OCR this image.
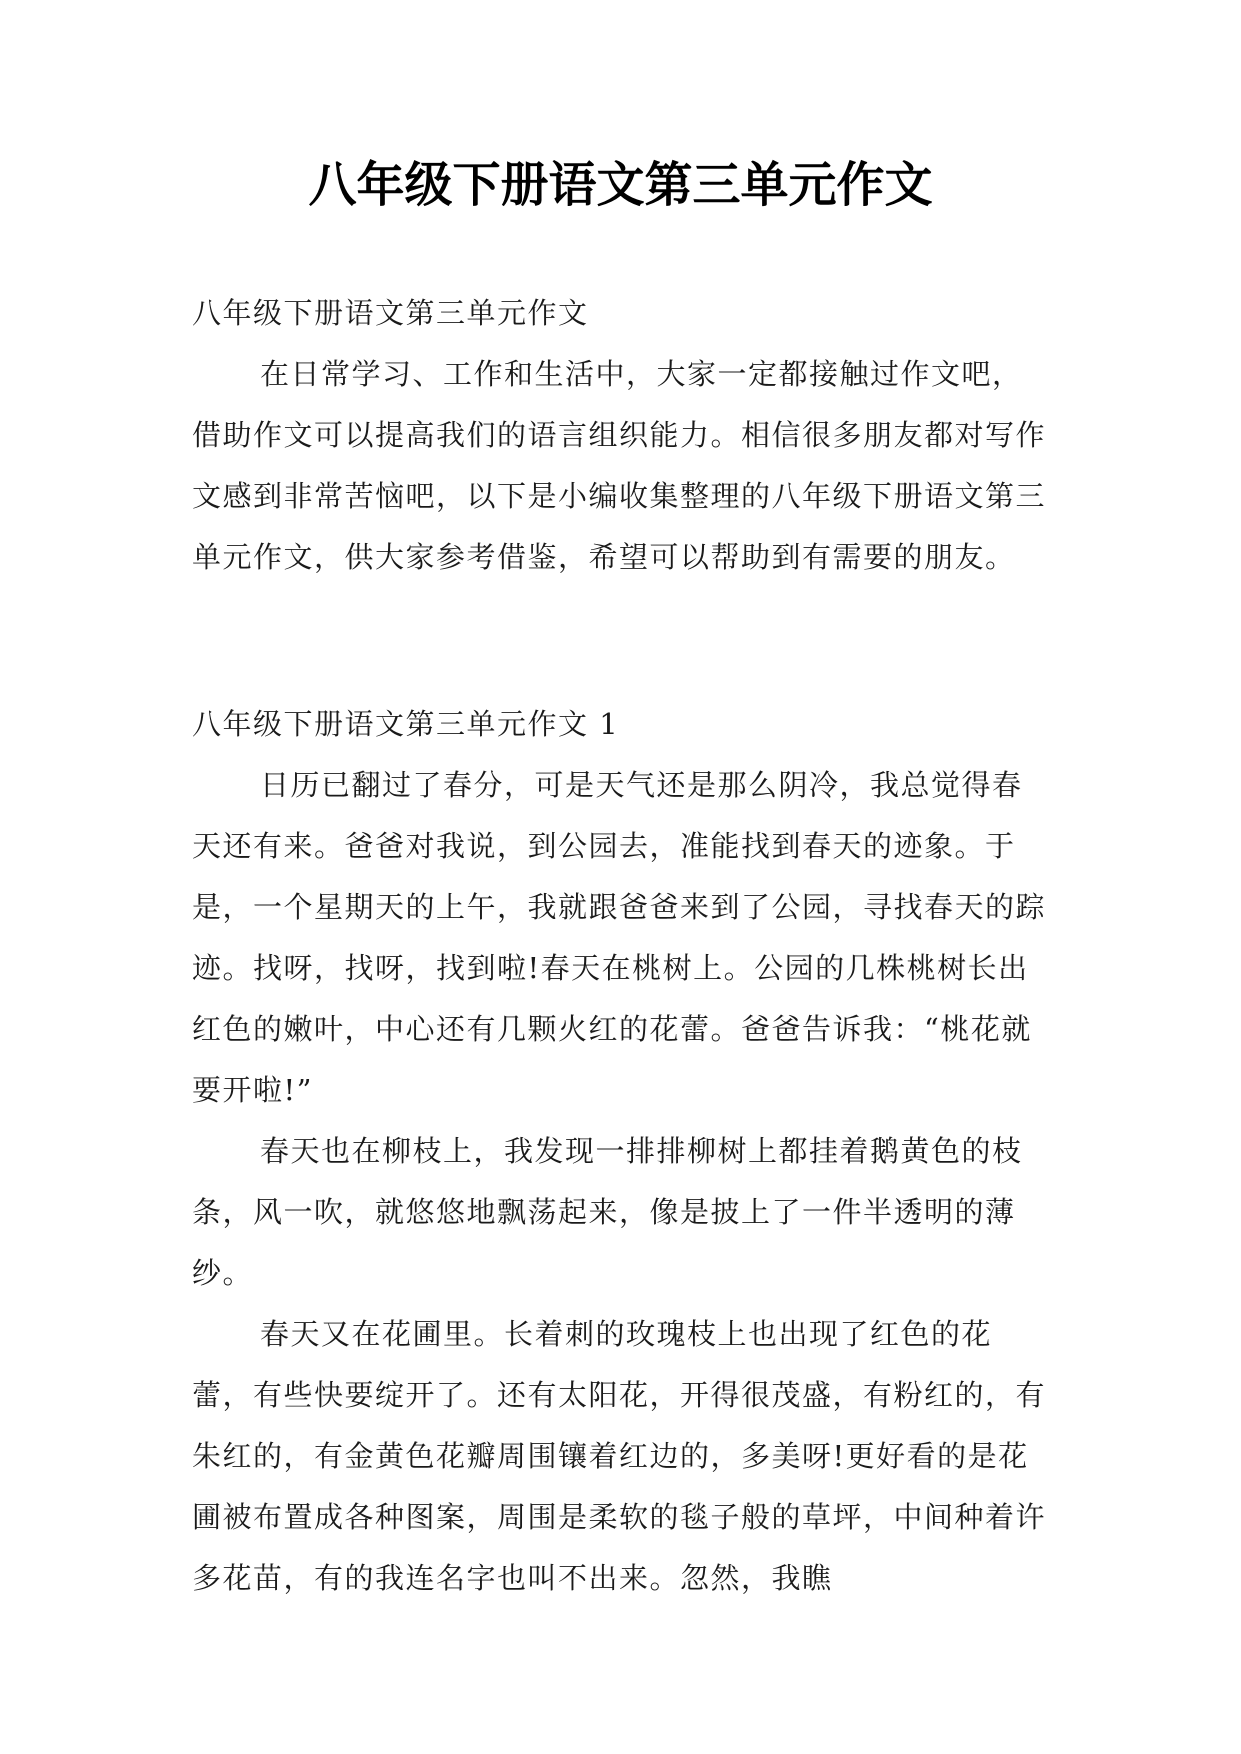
八年级下册语文第三单元作文

八年级下册语文第三单元作文

在日常学习、工作和生活中，大家一定都接触过作文吧，借助作文可以提高我们的语言组织能力。相信很多朋友都对写作文感到非常苦恼吧，以下是小编收集整理的八年级下册语文第三单元作文，供大家参考借鉴，希望可以帮助到有需要的朋友。

八年级下册语文第三单元作文 1

日历已翻过了春分，可是天气还是那么阴冷，我总觉得春天还有来。爸爸对我说，到公园去，准能找到春天的迹象。于是，一个星期天的上午，我就跟爸爸来到了公园，寻找春天的踪迹。找呀，找呀，找到啦!春天在桃树上。公园的几株桃树长出红色的嫩叶，中心还有几颗火红的花蕾。爸爸告诉我：“桃花就要开啦!”

春天也在柳枝上，我发现一排排柳树上都挂着鹅黄色的枝条，风一吹，就悠悠地飘荡起来，像是披上了一件半透明的薄纱。

春天又在花圃里。长着刺的玫瑰枝上也出现了红色的花蕾，有些快要绽开了。还有太阳花，开得很茂盛，有粉红的，有朱红的，有金黄色花瓣周围镶着红边的，多美呀!更好看的是花圃被布置成各种图案，周围是柔软的毯子般的草坪，中间种着许多花苗，有的我连名字也叫不出来。忽然，我瞧
